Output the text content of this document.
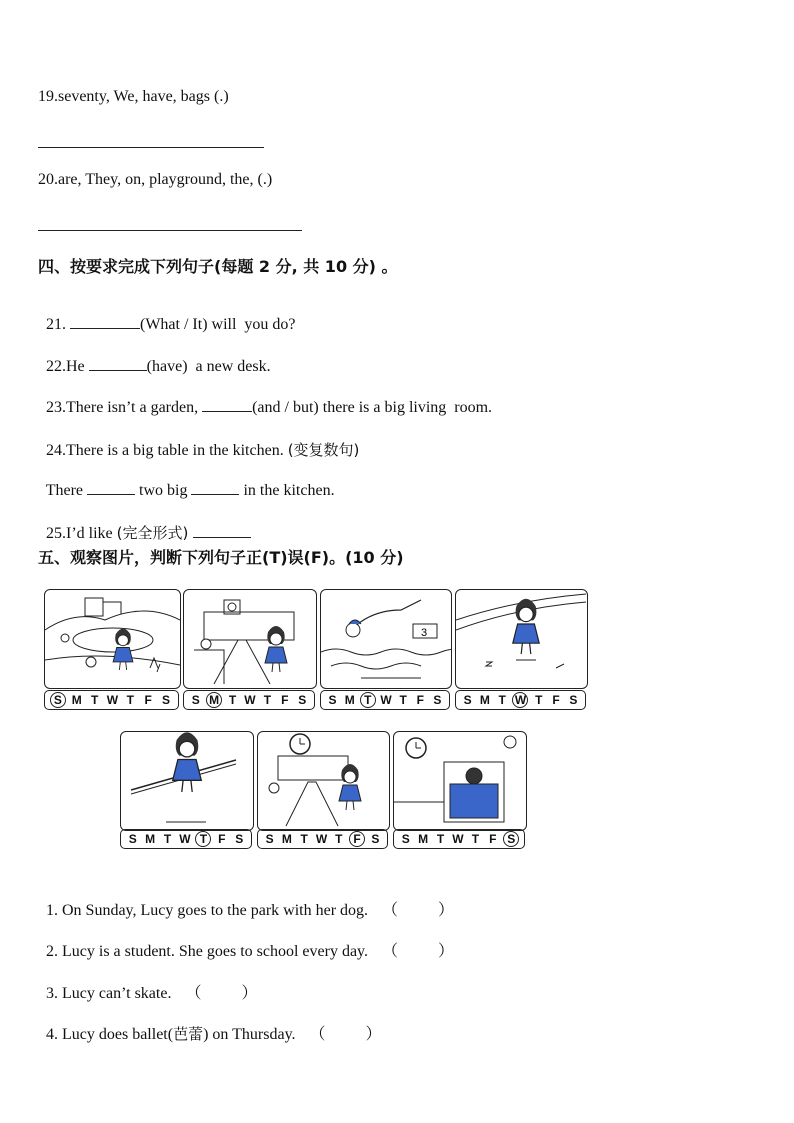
19.seventy, We, have, bags (.)
20.are, They, on, playground, the, (.)
四、按要求完成下列句子(每题 2 分, 共 10 分) 。

21.	(What / It) will  you do?

22.He	(have)  a new desk.

23.There isn’t a garden,	(and / but) there is a big living  room.

24.There is a big table in the kitchen. (变复数句)

There	two big	in the kitchen.

25.I’d like (完全形式)

五、观察图片，判断下列句子正(T)误(F)。(10 分)
S M T W T F S S M T W T F S
3
S M T W T F S S M T W T F S
S M T W T F S S M T W T F S S M T W T F S

1. On Sunday, Lucy goes to the park with her dog. （	）

2. Lucy is a student. She goes to school every day. （	）

3. Lucy can’t skate. （	）

4. Lucy does ballet(芭蕾) on Thursday. （	）
